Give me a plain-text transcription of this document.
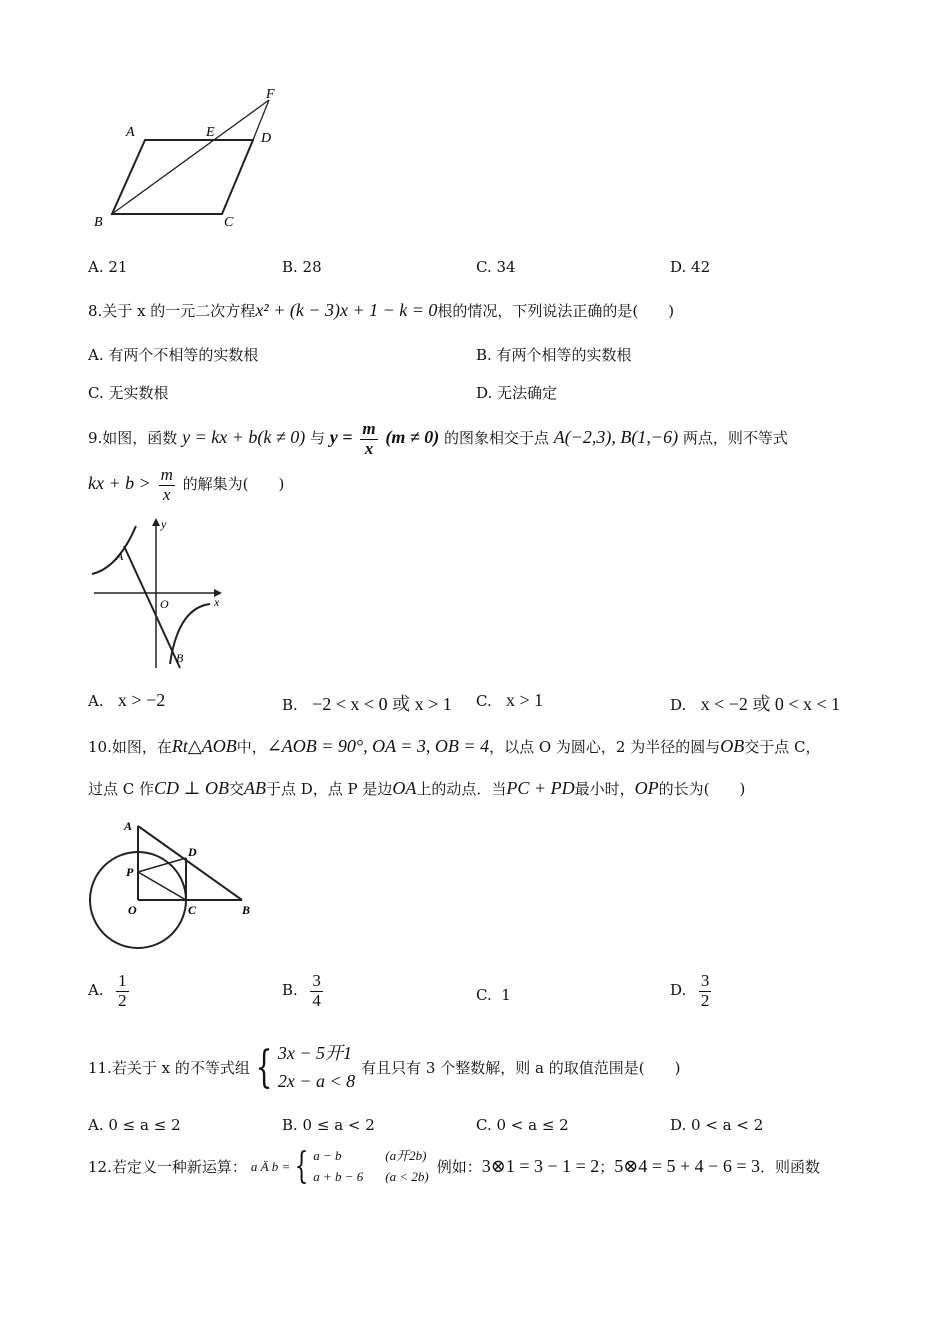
A	E	D
F
B	C
A. 21	B. 28	C. 34	D. 42
8.关于 x 的一元二次方程x² + (k − 3)x + 1 − k = 0根的情况，下列说法正确的是(　　)
A. 有两个不相等的实数根	B. 有两个相等的实数根
C. 无实数根	D. 无法确定
9.如图，函数 y = kx + b(k ≠ 0) 与 $y = \frac{m}{x} (m \ne 0)$ 的图象相交于点 A(−2,3), B(1,−6) 两点，则不等式
kx + $b > \frac{m}{x}$ 的解集为(　　)
y
x
O
A
B
A. x > −2	B. −2 < x < 0 或 x > 1 C. x > 1	D. x < −2 或 0 < x < 1
10.如图，在Rt△AOB中，∠AOB = 90°, OA = 3, OB = 4，以点 O 为圆心，2 为半径的圆与OB交于点 C，
过点 C 作CD ⊥ OB交AB于点 D，点 P 是边OA上的动点．当PC + PD最小时，OP的长为(　　)
A
D
P
O	C	B
A. $\frac{1}{2}$	B. $\frac{3}{4}$	C. 1	D. $\frac{3}{2}$
11.若关于 x 的不等式组 { 3x − 5开1
2x − a < 8
有且只有 3 个整数解，则 a 的取值范围是(　　)
A. 0 ≤ a ≤ 2	B. 0 ≤ a < 2	C. 0 < a ≤ 2	D. 0 < a < 2
12.若定义一种新运算： a Ä b = { a − b	(a开2b)
a + b − 6 (a < 2b) 例如： 3⊗1 = 3 − 1 = 2 ； 5⊗4 = 5 + 4 − 6 = 3 ．则函数
